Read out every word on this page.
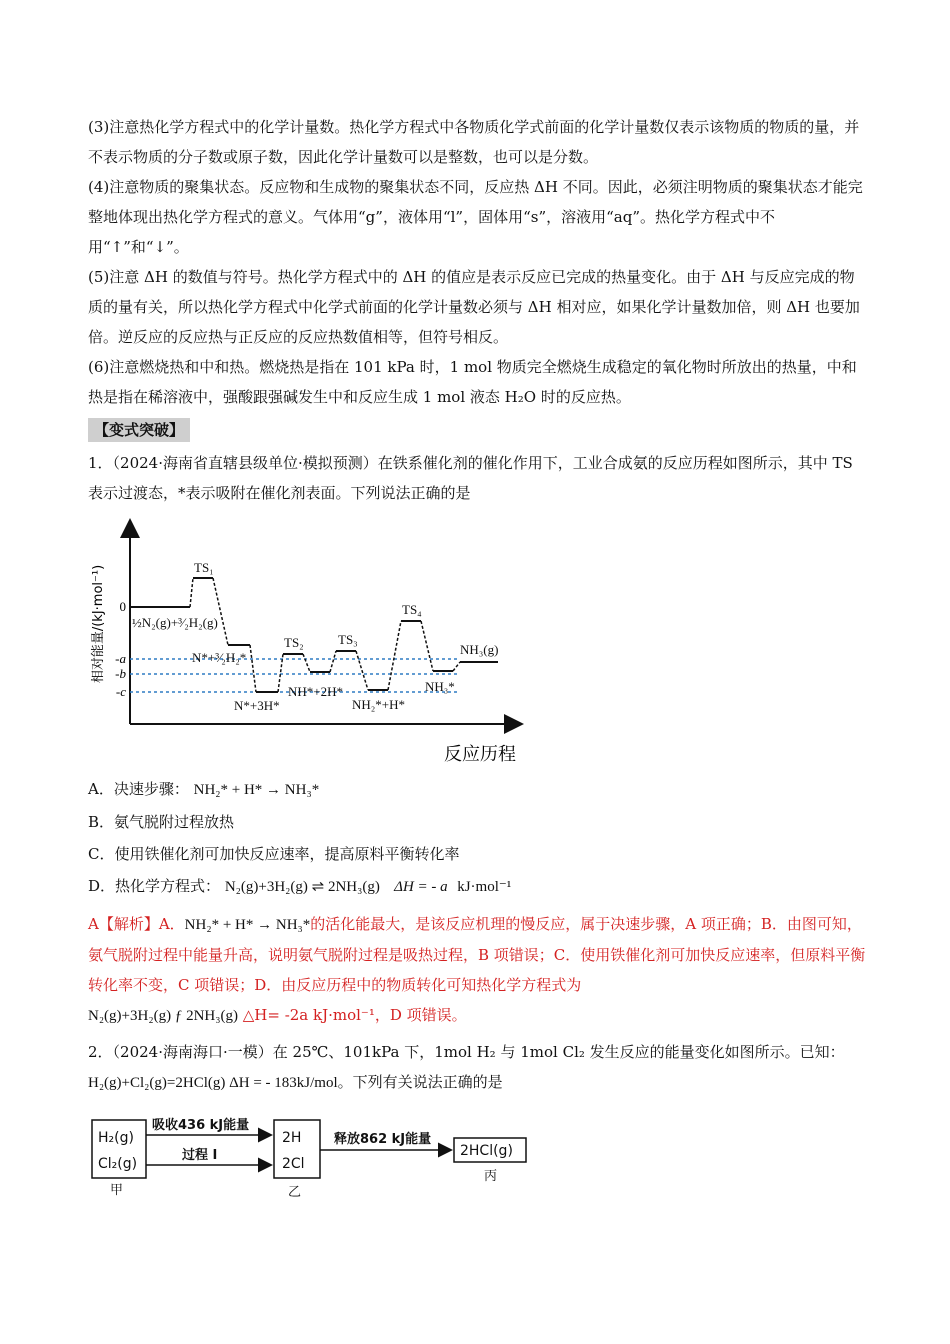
(3)注意热化学方程式中的化学计量数。热化学方程式中各物质化学式前面的化学计量数仅表示该物质的物质的量，并不表示物质的分子数或原子数，因此化学计量数可以是整数，也可以是分数。

(4)注意物质的聚集状态。反应物和生成物的聚集状态不同，反应热 ΔH 不同。因此，必须注明物质的聚集状态才能完整地体现出热化学方程式的意义。气体用“g”，液体用“l”，固体用“s”，溶液用“aq”。热化学方程式中不用“↑”和“↓”。

(5)注意 ΔH 的数值与符号。热化学方程式中的 ΔH 的值应是表示反应已完成的热量变化。由于 ΔH 与反应完成的物质的量有关，所以热化学方程式中化学式前面的化学计量数必须与 ΔH 相对应，如果化学计量数加倍，则 ΔH 也要加倍。逆反应的反应热与正反应的反应热数值相等，但符号相反。

(6)注意燃烧热和中和热。燃烧热是指在 101 kPa 时，1 mol 物质完全燃烧生成稳定的氧化物时所放出的热量，中和热是指在稀溶液中，强酸跟强碱发生中和反应生成 1 mol 液态 H₂O 时的反应热。

【变式突破】

1．（2024·海南省直辖县级单位·模拟预测）在铁系催化剂的催化作用下，工业合成氨的反应历程如图所示，其中 TS 表示过渡态，*表示吸附在催化剂表面。下列说法正确的是

相对能量/(kJ·mol⁻¹) 0
-a
-b
-c
½N₂(g)+³⁄₂H₂(g)
TS₁
N*+³⁄₂H₂*
N*+3H*
TS₂
NH*+2H*
TS₃
NH₂*+H*
TS₄
NH₃*
NH₃(g)
反应历程

A．决速步骤： NH₂* + H* → NH₃*

B．氨气脱附过程放热

C．使用铁催化剂可加快反应速率，提高原料平衡转化率

D．热化学方程式： N₂(g)+3H₂(g) ⇌ 2NH₃(g) ΔH = - a kJ·mol⁻¹

A【解析】A．NH₂* + H* → NH₃*的活化能最大，是该反应机理的慢反应，属于决速步骤，A 项正确；B．由图可知，氨气脱附过程中能量升高，说明氨气脱附过程是吸热过程，B 项错误；C．使用铁催化剂可加快反应速率，但原料平衡转化率不变，C 项错误；D．由反应历程中的物质转化可知热化学方程式为

N₂(g)+3H₂(g) ƒ 2NH₃(g) △H= -2a kJ·mol⁻¹，D 项错误。

2．（2024·海南海口·一模）在 25℃、101kPa 下，1mol H₂ 与 1mol Cl₂ 发生反应的能量变化如图所示。已知：H₂(g)+Cl₂(g)=2HCl(g) ΔH = - 183kJ/mol。下列有关说法正确的是

H₂(g)
Cl₂(g)
甲
吸收436 kJ能量
过程 I
2H
2Cl
乙
释放862 kJ能量
2HCl(g)
丙
